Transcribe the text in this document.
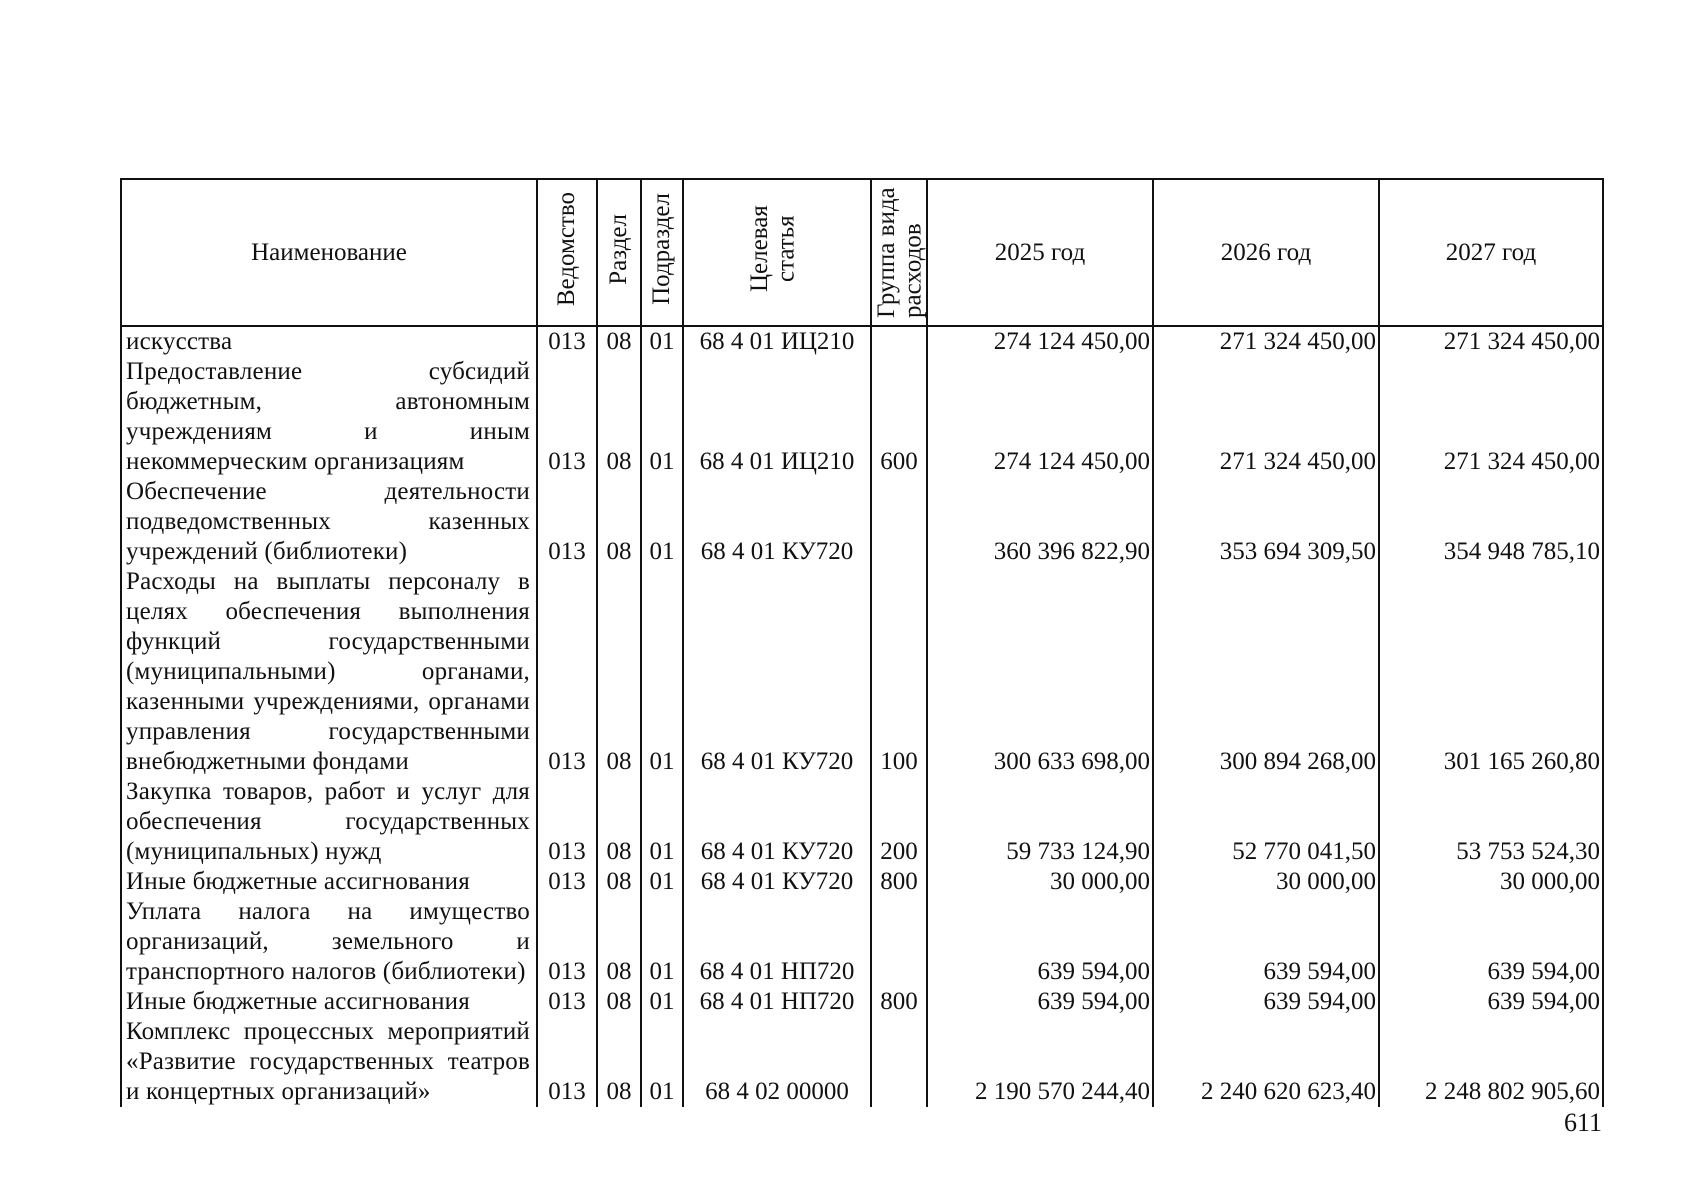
Наименование	Ведомство	Раздел	Подраздел	Целевая статья	Группа вида расходов	2025 год	2026 год	2027 год
искусства	013	08	01	68 4 01 ИЦ210		274 124 450,00	271 324 450,00	271 324 450,00
Предоставление субсидий бюджетным, автономным учреждениям и иным некоммерческим организациям	013	08	01	68 4 01 ИЦ210	600	274 124 450,00	271 324 450,00	271 324 450,00
Обеспечение деятельности подведомственных казенных учреждений (библиотеки)	013	08	01	68 4 01 КУ720		360 396 822,90	353 694 309,50	354 948 785,10
Расходы на выплаты персоналу в целях обеспечения выполнения функций государственными (муниципальными) органами, казенными учреждениями, органами управления государственными внебюджетными фондами	013	08	01	68 4 01 КУ720	100	300 633 698,00	300 894 268,00	301 165 260,80
Закупка товаров, работ и услуг для обеспечения государственных (муниципальных) нужд	013	08	01	68 4 01 КУ720	200	59 733 124,90	52 770 041,50	53 753 524,30
Иные бюджетные ассигнования	013	08	01	68 4 01 КУ720	800	30 000,00	30 000,00	30 000,00
Уплата налога на имущество организаций, земельного и транспортного налогов (библиотеки)	013	08	01	68 4 01 НП720		639 594,00	639 594,00	639 594,00
Иные бюджетные ассигнования	013	08	01	68 4 01 НП720	800	639 594,00	639 594,00	639 594,00
Комплекс процессных мероприятий «Развитие государственных театров и концертных организаций»	013	08	01	68 4 02 00000		2 190 570 244,40	2 240 620 623,40	2 248 802 905,60
611
